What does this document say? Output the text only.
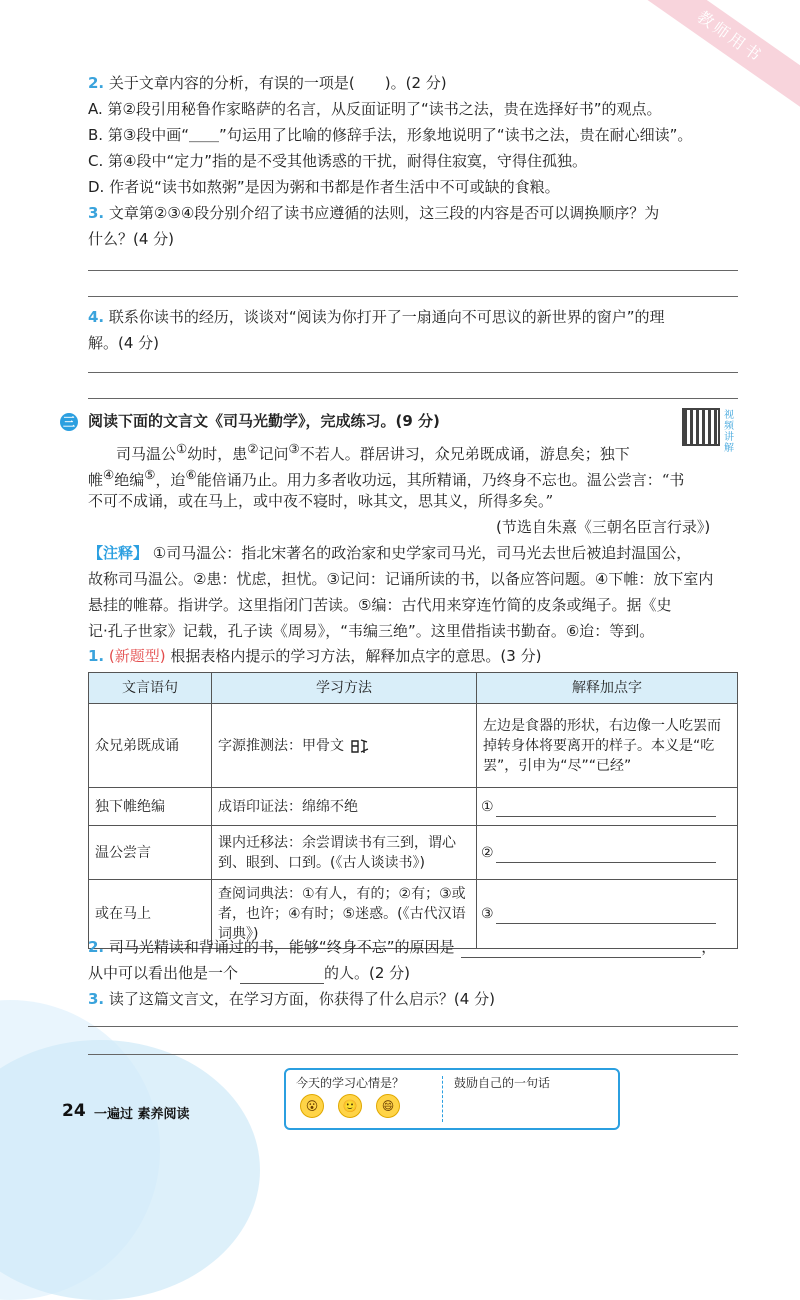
教师用书
2. 关于文章内容的分析，有误的一项是(　　)。(2 分)
A. 第②段引用秘鲁作家略萨的名言，从反面证明了“读书之法，贵在选择好书”的观点。
B. 第③段中画“＿＿”句运用了比喻的修辞手法，形象地说明了“读书之法，贵在耐心细读”。
C. 第④段中“定力”指的是不受其他诱惑的干扰，耐得住寂寞，守得住孤独。
D. 作者说“读书如熬粥”是因为粥和书都是作者生活中不可或缺的食粮。
3. 文章第②③④段分别介绍了读书应遵循的法则，这三段的内容是否可以调换顺序？为
什么？(4 分)
4. 联系你读书的经历，谈谈对“阅读为你打开了一扇通向不可思议的新世界的窗户”的理
解。(4 分)
三 阅读下面的文言文《司马光勤学》，完成练习。(9 分)	视频讲解
司马温公①幼时，患②记问③不若人。群居讲习，众兄弟既成诵，游息矣；独下
帷④绝编⑤，迨⑥能倍诵乃止。用力多者收功远，其所精诵，乃终身不忘也。温公尝言：“书
不可不成诵，或在马上，或中夜不寝时，咏其文，思其义，所得多矣。”
(节选自朱熹《三朝名臣言行录》)
【注释】 ①司马温公：指北宋著名的政治家和史学家司马光，司马光去世后被追封温国公，
故称司马温公。②患：忧虑，担忧。③记问：记诵所读的书，以备应答问题。④下帷：放下室内
悬挂的帷幕。指讲学。这里指闭门苦读。⑤编：古代用来穿连竹简的皮条或绳子。据《史
记·孔子世家》记载，孔子读《周易》，“韦编三绝”。这里借指读书勤奋。⑥迨：等到。
1. (新题型) 根据表格内提示的学习方法，解释加点字的意思。(3 分)
文言语句	学习方法	解释加点字
众兄弟既成诵	字源推测法：甲骨文	左边是食器的形状，右边像一人吃罢而掉转身体将要离开的样子。本义是“吃罢”，引申为“尽”“已经”
独下帷绝编	成语印证法：绵绵不绝	①
温公尝言	课内迁移法：余尝谓读书有三到，谓心到、眼到、口到。(《古人谈读书》)	②
或在马上	查阅词典法：①有人，有的；②有；③或者，也许；④有时；⑤迷惑。(《古代汉语词典》)	③
2. 司马光精读和背诵过的书，能够“终身不忘”的原因是	，
从中可以看出他是一个	的人。(2 分)
3. 读了这篇文言文，在学习方面，你获得了什么启示？(4 分)
今天的学习心情是？
😮	🙂	😄
鼓励自己的一句话
24 一遍过 素养阅读
